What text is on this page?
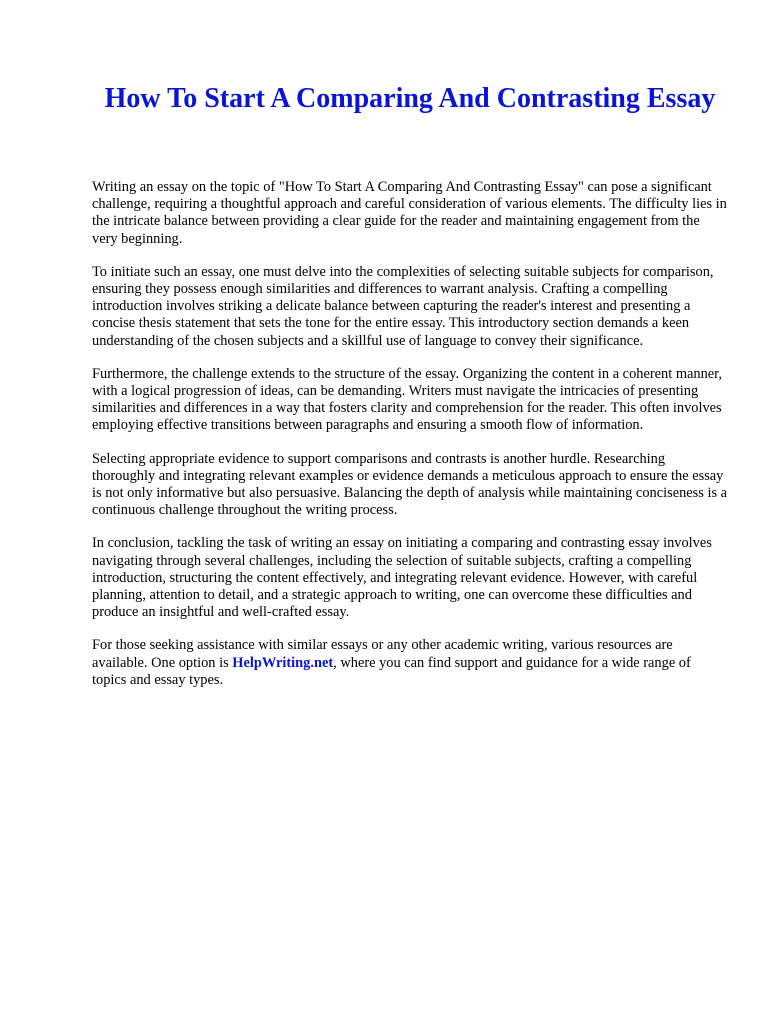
How To Start A Comparing And Contrasting Essay

Writing an essay on the topic of "How To Start A Comparing And Contrasting Essay" can pose a significant challenge, requiring a thoughtful approach and careful consideration of various elements. The difficulty lies in the intricate balance between providing a clear guide for the reader and maintaining engagement from the very beginning.

To initiate such an essay, one must delve into the complexities of selecting suitable subjects for comparison, ensuring they possess enough similarities and differences to warrant analysis. Crafting a compelling introduction involves striking a delicate balance between capturing the reader's interest and presenting a concise thesis statement that sets the tone for the entire essay. This introductory section demands a keen understanding of the chosen subjects and a skillful use of language to convey their significance.

Furthermore, the challenge extends to the structure of the essay. Organizing the content in a coherent manner, with a logical progression of ideas, can be demanding. Writers must navigate the intricacies of presenting similarities and differences in a way that fosters clarity and comprehension for the reader. This often involves employing effective transitions between paragraphs and ensuring a smooth flow of information.

Selecting appropriate evidence to support comparisons and contrasts is another hurdle. Researching thoroughly and integrating relevant examples or evidence demands a meticulous approach to ensure the essay is not only informative but also persuasive. Balancing the depth of analysis while maintaining conciseness is a continuous challenge throughout the writing process.

In conclusion, tackling the task of writing an essay on initiating a comparing and contrasting essay involves navigating through several challenges, including the selection of suitable subjects, crafting a compelling introduction, structuring the content effectively, and integrating relevant evidence. However, with careful planning, attention to detail, and a strategic approach to writing, one can overcome these difficulties and produce an insightful and well-crafted essay.

For those seeking assistance with similar essays or any other academic writing, various resources are available. One option is HelpWriting.net, where you can find support and guidance for a wide range of topics and essay types.
